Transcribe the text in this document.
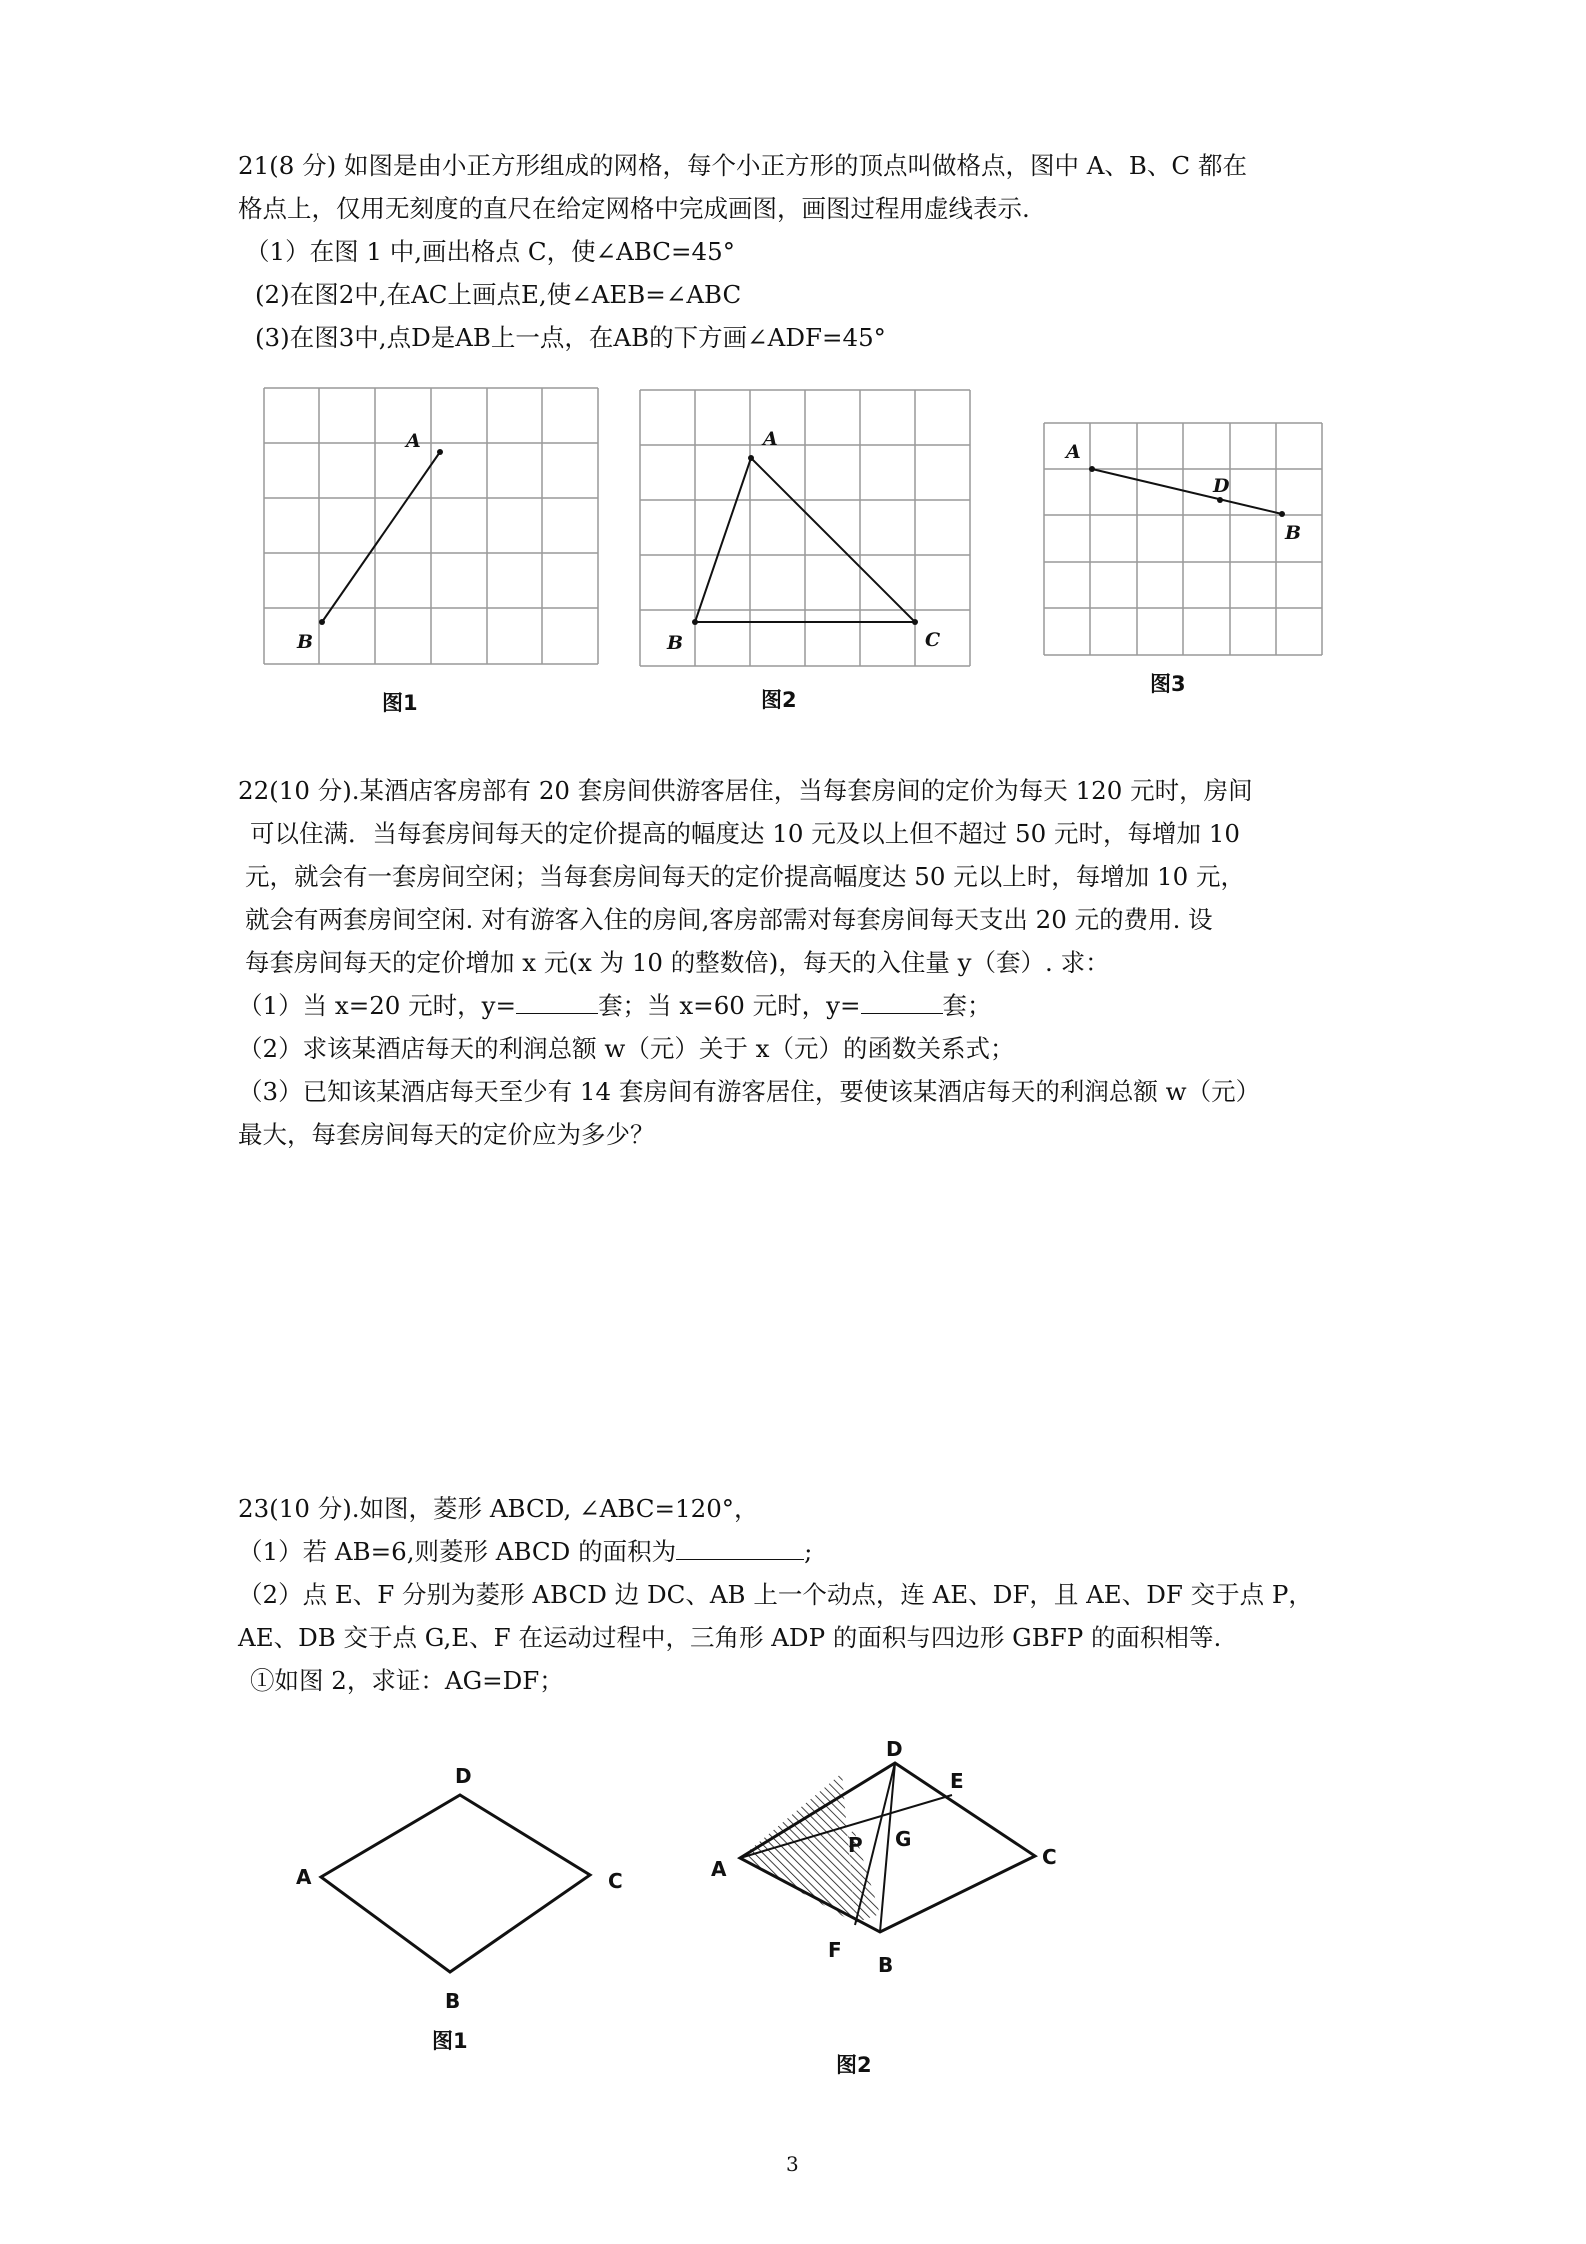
21(8 分) 如图是由小正方形组成的网格，每个小正方形的顶点叫做格点，图中 A、B、C 都在
格点上，仅用无刻度的直尺在给定网格中完成画图，画图过程用虚线表示.
（1）在图 1 中,画出格点 C，使∠ABC=45°
(2)在图2中,在AC上画点E,使∠AEB=∠ABC
(3)在图3中,点D是AB上一点，在AB的下方画∠ADF=45°
A
B
图1
A
B	C
图2
A
B
D
图3
22(10 分).某酒店客房部有 20 套房间供游客居住，当每套房间的定价为每天 120 元时，房间
可以住满．当每套房间每天的定价提高的幅度达 10 元及以上但不超过 50 元时，每增加 10
元，就会有一套房间空闲；当每套房间每天的定价提高幅度达 50 元以上时，每增加 10 元，
就会有两套房间空闲. 对有游客入住的房间,客房部需对每套房间每天支出 20 元的费用. 设
每套房间每天的定价增加 x 元(x 为 10 的整数倍)，每天的入住量 y（套）. 求：
（1）当 x=20 元时，y=	套；当 x=60 元时，y=	套；
（2）求该某酒店每天的利润总额 w（元）关于 x（元）的函数关系式；
（3）已知该某酒店每天至少有 14 套房间有游客居住，要使该某酒店每天的利润总额 w（元）
最大，每套房间每天的定价应为多少？
23(10 分).如图，菱形 ABCD, ∠ABC=120°，
（1）若 AB=6,则菱形 ABCD 的面积为	;
（2）点 E、F 分别为菱形 ABCD 边 DC、AB 上一个动点，连 AE、DF，且 AE、DF 交于点 P，
AE、DB 交于点 G,E、F 在运动过程中，三角形 ADP 的面积与四边形 GBFP 的面积相等.
①如图 2，求证：AG=DF；
D
A	C
B
图1
D
E
A	C
P G
F
B
图2
3
